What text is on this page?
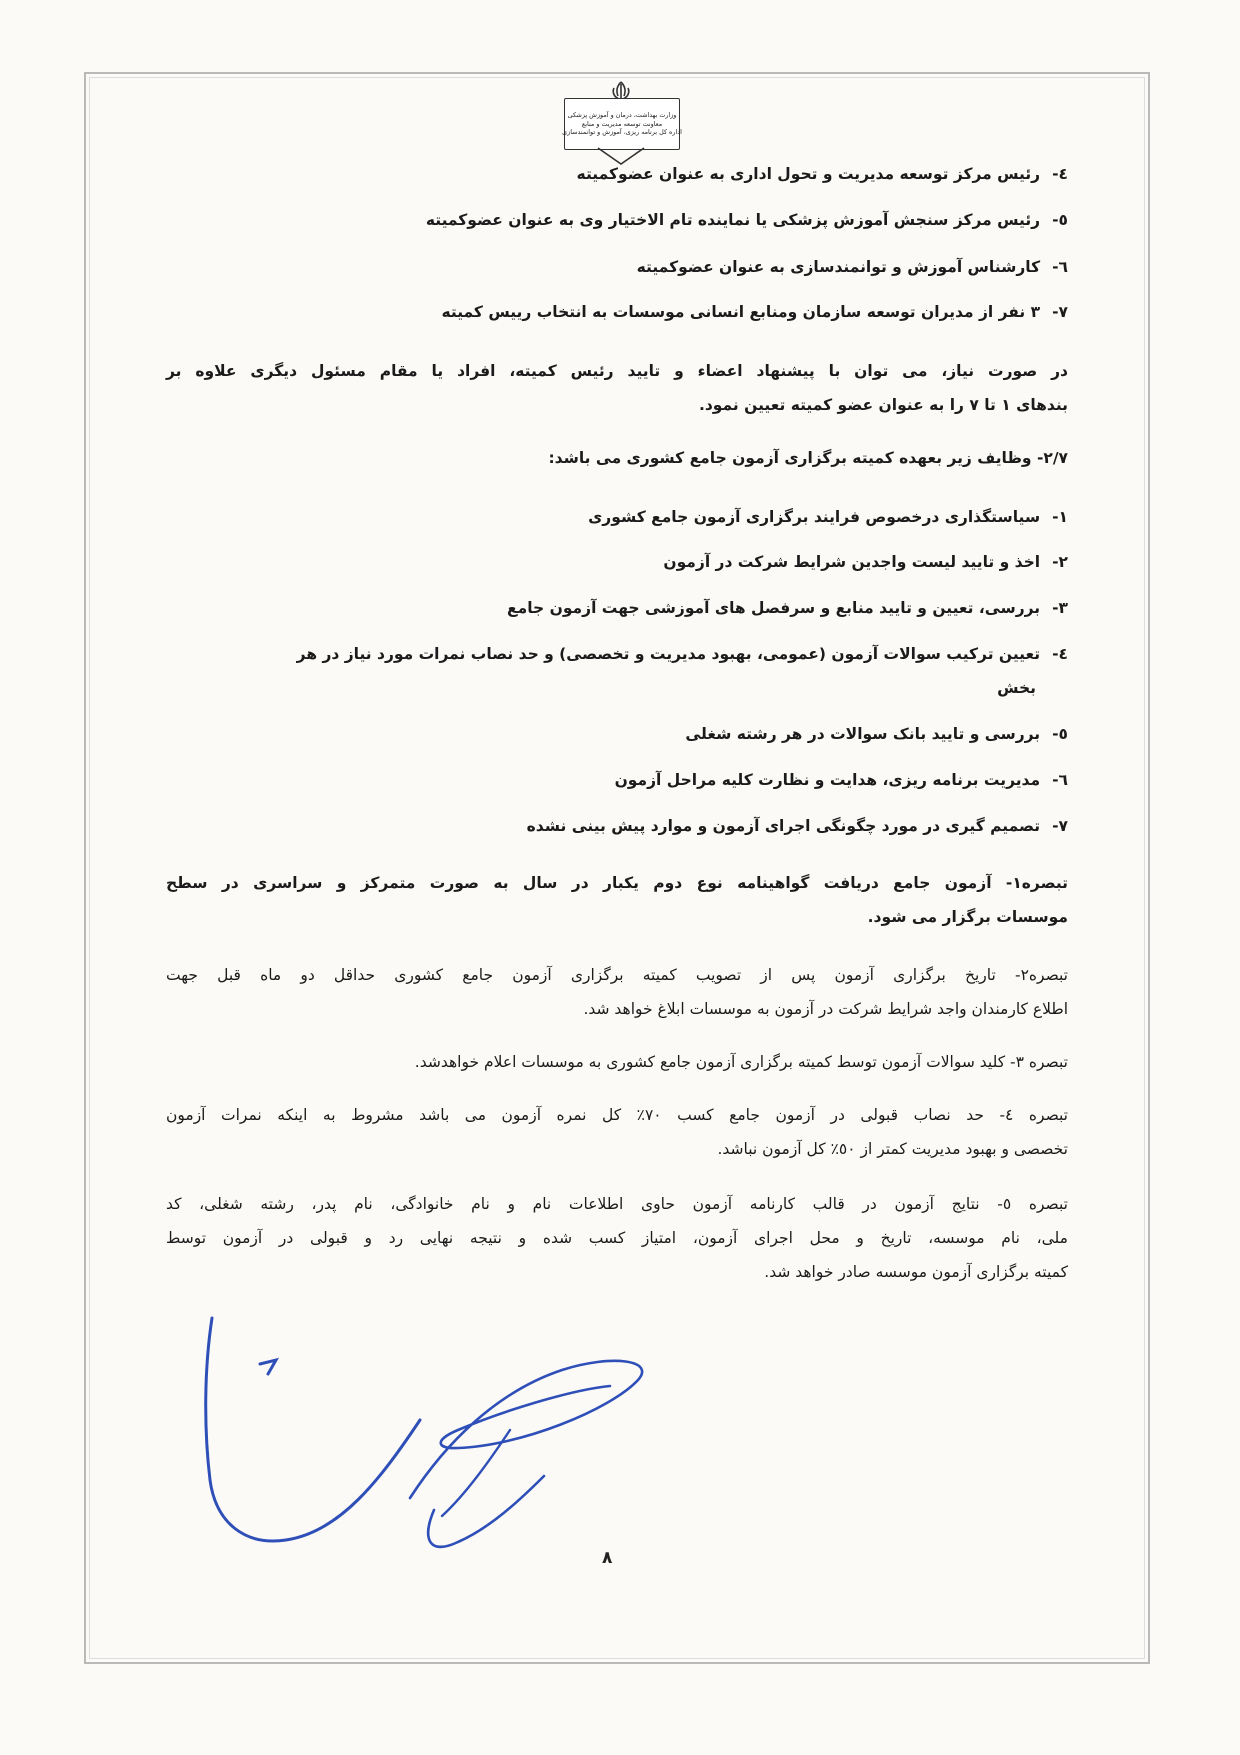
وزارت بهداشت، درمان و آموزش پزشکی
معاونت توسعه مدیریت و منابع
اداره کل برنامه ریزی، آموزش و توانمندسازی
٤-رئیس مرکز توسعه مدیریت و تحول اداری به عنوان عضوکمیته
٥-رئیس مرکز سنجش آموزش پزشکی یا نماینده تام الاختیار وی به عنوان عضوکمیته
٦-کارشناس آموزش و توانمندسازی به عنوان عضوکمیته
٧-٣ نفر از مدیران توسعه سازمان ومنابع انسانی موسسات به انتخاب رییس کمیته
در صورت نیاز، می توان با پیشنهاد اعضاء و تایید رئیس کمیته، افراد یا مقام مسئول دیگری علاوه بر
بندهای ١ تا ٧ را به عنوان عضو کمیته تعیین نمود.
٢/٧- وظایف زیر بعهده کمیته برگزاری آزمون جامع کشوری می باشد:
١-سیاستگذاری درخصوص فرایند برگزاری آزمون جامع کشوری
٢-اخذ و تایید لیست واجدین شرایط شرکت در آزمون
٣-بررسی، تعیین و تایید منابع و سرفصل های آموزشی جهت آزمون جامع
٤-تعیین ترکیب سوالات آزمون (عمومی، بهبود مدیریت و تخصصی) و حد نصاب نمرات مورد نیاز در هر
بخش
٥-بررسی و تایید بانک سوالات در هر رشته شغلی
٦-مدیریت برنامه ریزی، هدایت و نظارت کلیه مراحل آزمون
٧-تصمیم گیری در مورد چگونگی اجرای آزمون و موارد پیش بینی نشده
تبصره١- آزمون جامع دریافت گواهینامه نوع دوم یکبار در سال به صورت متمرکز و سراسری در سطح
موسسات برگزار می شود.
تبصره٢- تاریخ برگزاری آزمون پس از تصویب کمیته برگزاری آزمون جامع کشوری حداقل دو ماه قبل جهت
اطلاع کارمندان واجد شرایط شرکت در آزمون به موسسات ابلاغ خواهد شد.
تبصره ٣- کلید سوالات آزمون توسط کمیته برگزاری آزمون جامع کشوری به موسسات اعلام خواهدشد.
تبصره ٤- حد نصاب قبولی در آزمون جامع کسب ٧٠٪ کل نمره آزمون می باشد مشروط به اینکه نمرات آزمون
تخصصی و بهبود مدیریت کمتر از ٥٠٪ کل آزمون نباشد.
تبصره ٥- نتایج آزمون در قالب کارنامه آزمون حاوی اطلاعات نام و نام خانوادگی، نام پدر، رشته شغلی، کد
ملی، نام موسسه، تاریخ و محل اجرای آزمون، امتیاز کسب شده و نتیجه نهایی رد و قبولی در آزمون توسط
کمیته برگزاری آزمون موسسه صادر خواهد شد.
٨
